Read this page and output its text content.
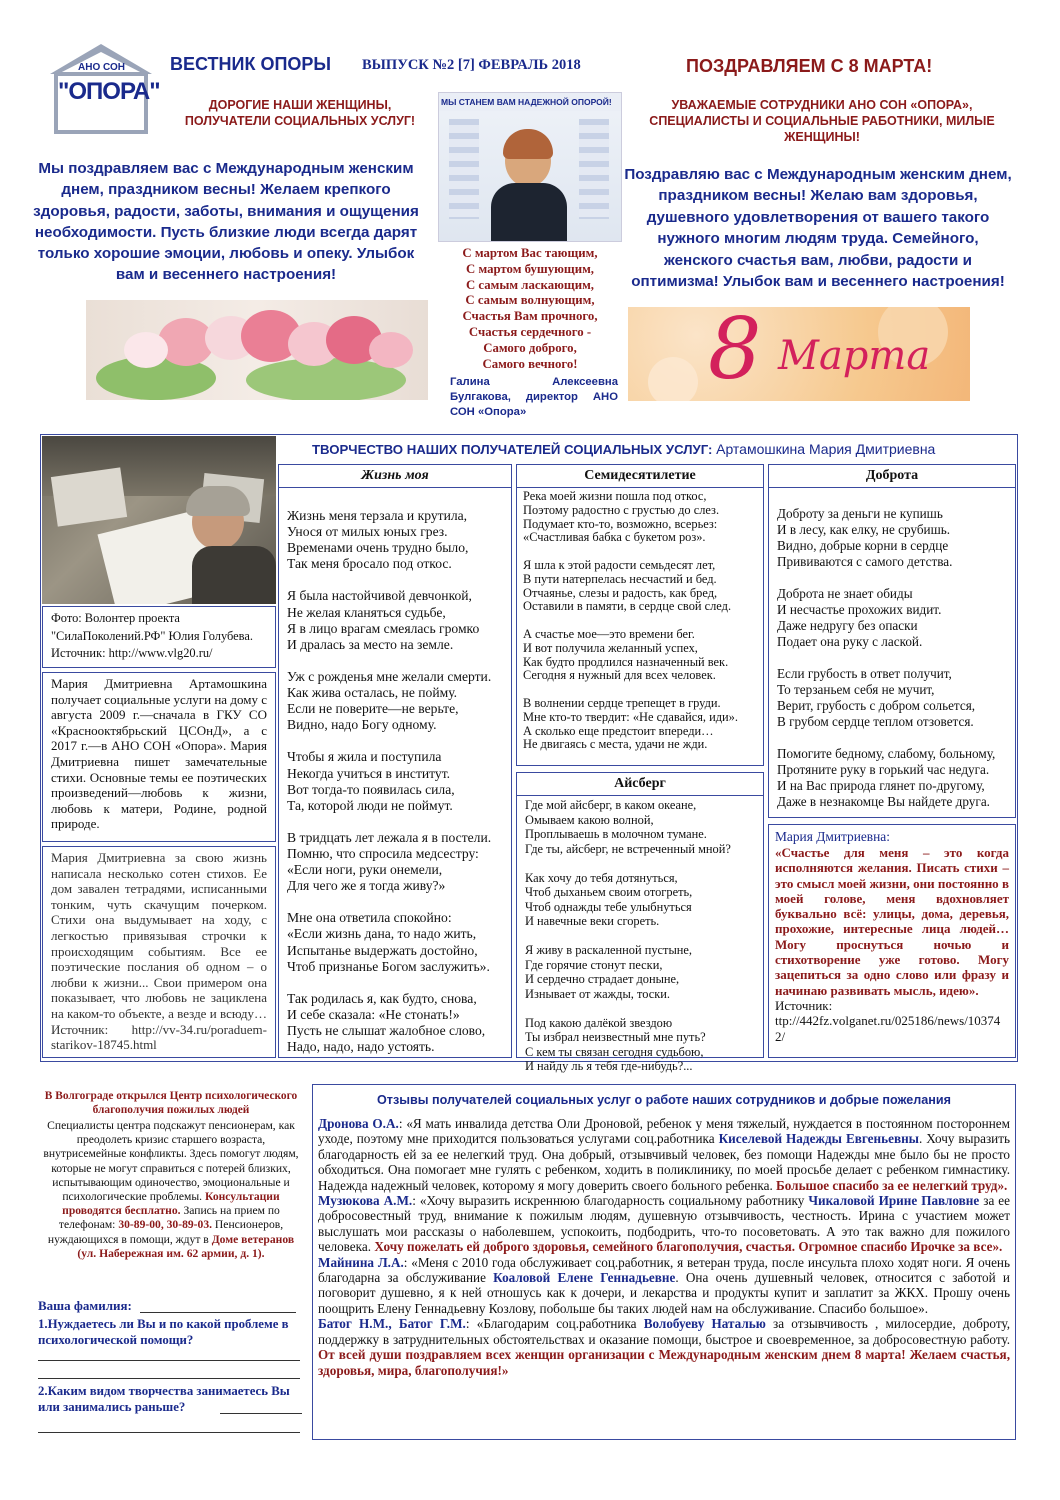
АНО СОН
"ОПОРА"
ВЕСТНИК ОПОРЫ ВЫПУСК №2 [7] ФЕВРАЛЬ 2018	ПОЗДРАВЛЯЕМ С 8 МАРТА!
ДОРОГИЕ НАШИ ЖЕНЩИНЫ, ПОЛУЧАТЕЛИ СОЦИАЛЬНЫХ УСЛУГ!
Мы поздравляем вас с Международным женским днем, праздником весны! Желаем крепкого здоровья, радости, заботы, внимания и ощущения необходимости. Пусть близкие люди всегда дарят только хорошие эмоции, любовь и опеку. Улыбок вам и весеннего настроения!
МЫ СТАНЕМ ВАМ НАДЕЖНОЙ ОПОРОЙ!
С мартом Вас тающим,
С мартом бушующим,
С самым ласкающим,
С самым волнующим,
Счастья Вам прочного,
Счастья сердечного -
Самого доброго,
Самого вечного!
Галина Алексеевна Булгакова, директор АНО СОН «Опора»
УВАЖАЕМЫЕ СОТРУДНИКИ АНО СОН «ОПОРА», СПЕЦИАЛИСТЫ И СОЦИАЛЬНЫЕ РАБОТНИКИ, МИЛЫЕ ЖЕНЩИНЫ!
Поздравляю вас с Международным женским днем, праздником весны! Желаю вам здоровья, душевного удовлетворения от вашего такого нужного многим людям труда. Семейного, женского счастья вам, любви, радости и оптимизма! Улыбок вам и весеннего настроения!
8 Марта
ТВОРЧЕСТВО НАШИХ ПОЛУЧАТЕЛЕЙ СОЦИАЛЬНЫХ УСЛУГ: Артамошкина Мария Дмитриевна
Фото: Волонтер проекта "СилаПоколений.РФ" Юлия Голубева.
Источник: http://www.vlg20.ru/
Мария Дмитриевна Артамошкина получает социальные услуги на дому с августа 2009 г.—сначала в ГКУ СО «Краснооктябрьский ЦСОнД», а с 2017 г.—в АНО СОН «Опора». Мария Дмитриевна пишет замечательные стихи. Основные темы ее поэтических произведений—любовь к жизни, любовь к матери, Родине, родной природе.
Мария Дмитриевна за свою жизнь написала несколько сотен стихов. Ее дом завален тетрадями, исписанными тонким, чуть скачущим почерком. Стихи она выдумывает на ходу, с легкостью привязывая строчки к происходящим событиям. Все ее поэтические послания об одном – о любви к жизни... Свои примером она показывает, что любовь не зациклена на каком-то объекте, а везде и всюду…Источник: http://vv-34.ru/poraduem-starikov-18745.html
Жизнь моя
Жизнь меня терзала и крутила,
Унося от милых юных грез.
Временами очень трудно было,
Так меня бросало под откос.

Я была настойчивой девчонкой,
Не желая кланяться судьбе,
Я в лицо врагам смеялась громко
И дралась за место на земле.

Уж с рожденья мне желали смерти.
Как жива осталась, не пойму.
Если не поверите—не верьте,
Видно, надо Богу одному.

Чтобы я жила и поступила
Некогда учиться в институт.
Вот тогда-то появилась сила,
Та, которой люди не поймут.

В тридцать лет лежала я в постели.
Помню, что спросила медсестру:
«Если ноги, руки онемели,
Для чего же я тогда живу?»

Мне она ответила спокойно:
«Если жизнь дана, то надо жить,
Испытанье выдержать достойно,
Чтоб признанье Богом заслужить».

Так родилась я, как будто, снова,
И себе сказала: «Не стонать!»
Пусть не слышат жалобное слово,
Надо, надо, надо устоять.
Семидесятилетие
Река моей жизни пошла под откос,
Поэтому радостно с грустью до слез.
Подумает кто-то, возможно, всерьез:
«Счастливая бабка с букетом роз».

Я шла к этой радости семьдесят лет,
В пути натерпелась несчастий и бед.
Отчаянье, слезы и радость, как бред,
Оставили в памяти, в сердце свой след.

А счастье мое—это времени бег.
И вот получила желанный успех,
Как будто продлился назначенный век.
Сегодня я нужный для всех человек.

В волнении сердце трепещет в груди.
Мне кто-то твердит: «Не сдавайся, иди».
А сколько еще предстоит впереди…
Не двигаясь с места, удачи не жди.
Айсберг
Где мой айсберг, в каком океане,
Омываем какою волной,
Проплываешь в молочном тумане.
Где ты, айсберг, не встреченный мной?

Как хочу до тебя дотянуться,
Чтоб дыханьем своим отогреть,
Чтоб однажды тебе улыбнуться
И навечные веки сгореть.

Я живу в раскаленной пустыне,
Где горячие стонут пески,
И сердечно страдает доныне,
Изнывает от жажды, тоски.

Под какою далёкой звездою
Ты избрал неизвестный мне путь?
С кем ты связан сегодня судьбою,
И найду ль я тебя где-нибудь?...
Доброта
Доброту за деньги не купишь
И в лесу, как елку, не срубишь.
Видно, добрые корни в сердце
Прививаются с самого детства.

Доброта не знает обиды
И несчастье прохожих видит.
Даже недругу без опаски
Подает она руку с лаской.

Если грубость в ответ получит,
То терзаньем себя не мучит,
Верит, грубость с добром сольется,
В грубом сердце теплом отзовется.

Помогите бедному, слабому, больному,
Протяните руку в горький час недуга.
И на Вас природа глянет по-другому,
Даже в незнакомце Вы найдете друга.
Мария Дмитриевна:
«Счастье для меня – это когда исполняются желания. Писать стихи – это смысл моей жизни, они постоянно в моей голове, меня вдохновляет буквально всё: улицы, дома, деревья, прохожие, интересные лица людей… Могу проснуться ночью и стихотворение уже готово. Могу зацепиться за одно слово или фразу и начинаю развивать мысль, идею».
Источник:
ttp://442fz.volganet.ru/025186/news/103742/
В Волгограде открылся Центр психологического благополучия пожилых людей
Специалисты центра подскажут пенсионерам, как преодолеть кризис старшего возраста, внутрисемейные конфликты. Здесь помогут людям, которые не могут справиться с потерей близких, испытывающим одиночество, эмоциональные и психологические проблемы. Консультации проводятся бесплатно. Запись на прием по телефонам: 30-89-00, 30-89-03. Пенсионеров, нуждающихся в помощи, ждут в Доме ветеранов (ул. Набережная им. 62 армии, д. 1).
Ваша фамилия:
1.Нуждаетесь ли Вы и по какой проблеме в психологической помощи?
2.Каким видом творчества занимаетесь Вы или занимались раньше?
Отзывы получателей социальных услуг о работе наших сотрудников и добрые пожелания
Дронова О.А.: «Я мать инвалида детства Оли Дроновой, ребенок у меня тяжелый, нуждается в постоянном постороннем уходе, поэтому мне приходится пользоваться услугами соц.работника Киселевой Надежды Евгеньевны. Хочу выразить благодарность ей за ее нелегкий труд. Она добрый, отзывчивый человек, без помощи Надежды мне было бы не просто обходиться. Она помогает мне гулять с ребенком, ходить в поликлинику, по моей просьбе делает с ребенком гимнастику. Надежда надежный человек, которому я могу доверить своего больного ребенка. Большое спасибо за ее нелегкий труд».
Музюкова А.М.: «Хочу выразить искреннюю благодарность социальному работнику Чикаловой Ирине Павловне за ее добросовестный труд, внимание к пожилым людям, душевную отзывчивость, честность. Ирина с участием может выслушать мои рассказы о наболевшем, успокоить, подбодрить, что-то посоветовать. А это так важно для пожилого человека. Хочу пожелать ей доброго здоровья, семейного благополучия, счастья. Огромное спасибо Ирочке за все».
Майнина Л.А.: «Меня с 2010 года обслуживает соц.работник, я ветеран труда, после инсульта плохо ходят ноги. Я очень благодарна за обслуживание Коаловой Елене Геннадьевне. Она очень душевный человек, относится с заботой и поговорит душевно, я к ней отношусь как к дочери, и лекарства и продукты купит и заплатит за ЖКХ. Прошу очень поощрить Елену Геннадьевну Козлову, побольше бы таких людей нам на обслуживание. Спасибо большое».
Батог Н.М., Батог Г.М.: «Благодарим соц.работника Волобуеву Наталью за отзывчивость , милосердие, доброту, поддержку в затруднительных обстоятельствах и оказание помощи, быстрое и своевременное, за добросовестную работу. От всей души поздравляем всех женщин организации с Международным женским днем 8 марта! Желаем счастья, здоровья, мира, благополучия!»
